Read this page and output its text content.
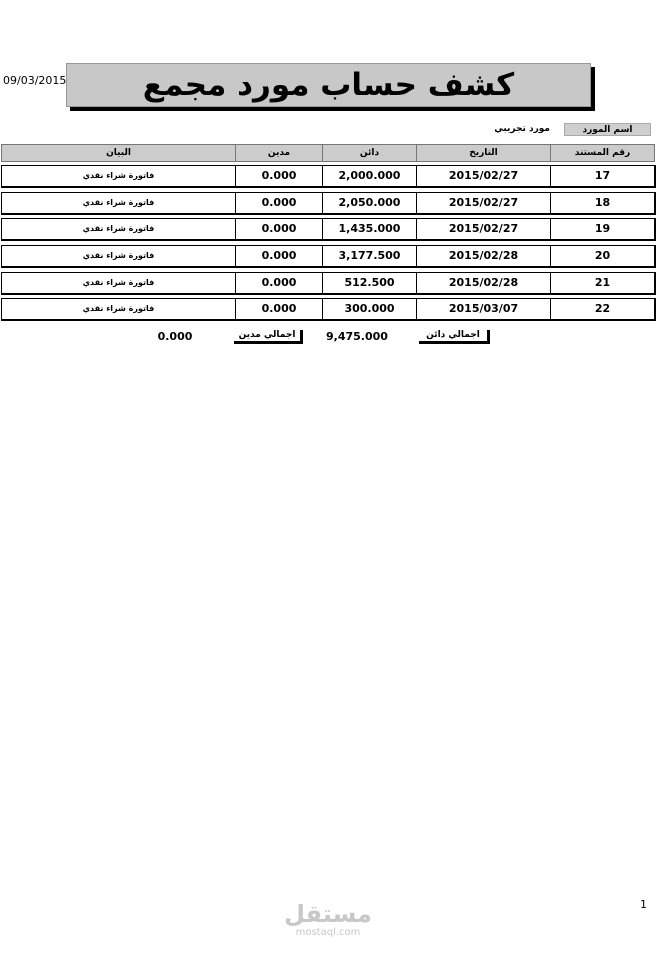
09/03/2015	كشف حساب مورد مجمع
اسم المورد
مورد تجريبي
رقم المستند
التاريخ
دائن
مدين
البيان
17
2015/02/27
2,000.000
0.000
فاتورة شراء نقدي
18
2015/02/27
2,050.000
0.000
فاتورة شراء نقدي
19
2015/02/27
1,435.000
0.000
فاتورة شراء نقدي
20
2015/02/28
3,177.500
0.000
فاتورة شراء نقدي
21
2015/02/28
512.500
0.000
فاتورة شراء نقدي
22
2015/03/07
300.000
0.000
فاتورة شراء نقدي
اجمالي دائن
9,475.000
اجمالي مدين
0.000
1
مستقل
mostaql.com
